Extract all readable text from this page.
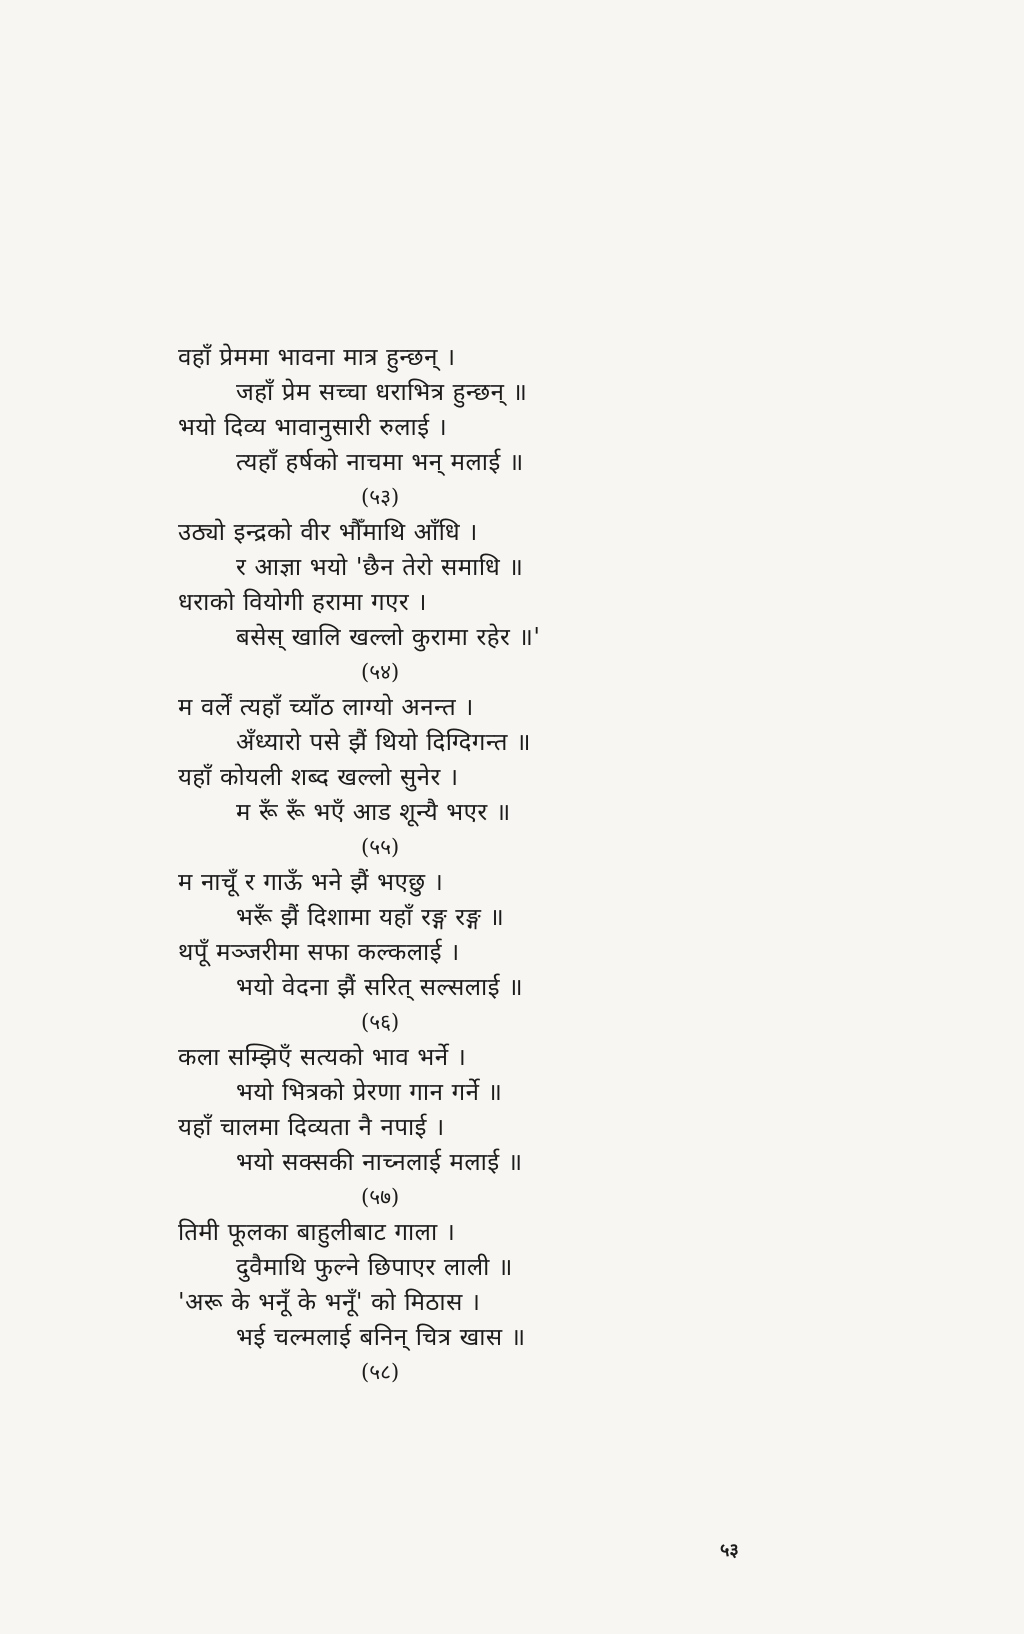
वहाँ प्रेममा भावना मात्र हुन्छन् ।
जहाँ प्रेम सच्चा धराभित्र हुन्छन् ॥
भयो दिव्य भावानुसारी रुलाई ।
त्यहाँ हर्षको नाचमा भन् मलाई ॥
(५३)
उठ्यो इन्द्रको वीर भौँमाथि आँधि ।
र आज्ञा भयो 'छैन तेरो समाधि ॥
धराको वियोगी हरामा गएर ।
बसेस् खालि खल्लो कुरामा रहेर ॥'
(५४)
म वर्लें त्यहाँ च्याँठ लाग्यो अनन्त ।
अँध्यारो पसे झैं थियो दिग्दिगन्त ॥
यहाँ कोयली शब्द खल्लो सुनेर ।
म रूँ रूँ भएँ आड शून्यै भएर ॥
(५५)
म नाचूँ र गाऊँ भने झैं भएछु ।
भरूँ झैं दिशामा यहाँ रङ्ग रङ्ग ॥
थपूँ मञ्जरीमा सफा कल्कलाई ।
भयो वेदना झैं सरित् सल्सलाई ॥
(५६)
कला सम्झिएँ सत्यको भाव भर्ने ।
भयो भित्रको प्रेरणा गान गर्ने ॥
यहाँ चालमा दिव्यता नै नपाई ।
भयो सक्सकी नाच्नलाई मलाई ॥
(५७)
तिमी फूलका बाहुलीबाट गाला ।
दुवैमाथि फुल्ने छिपाएर लाली ॥
'अरू के भनूँ के भनूँ' को मिठास ।
भई चल्मलाई बनिन् चित्र खास ॥
(५८)
५३
